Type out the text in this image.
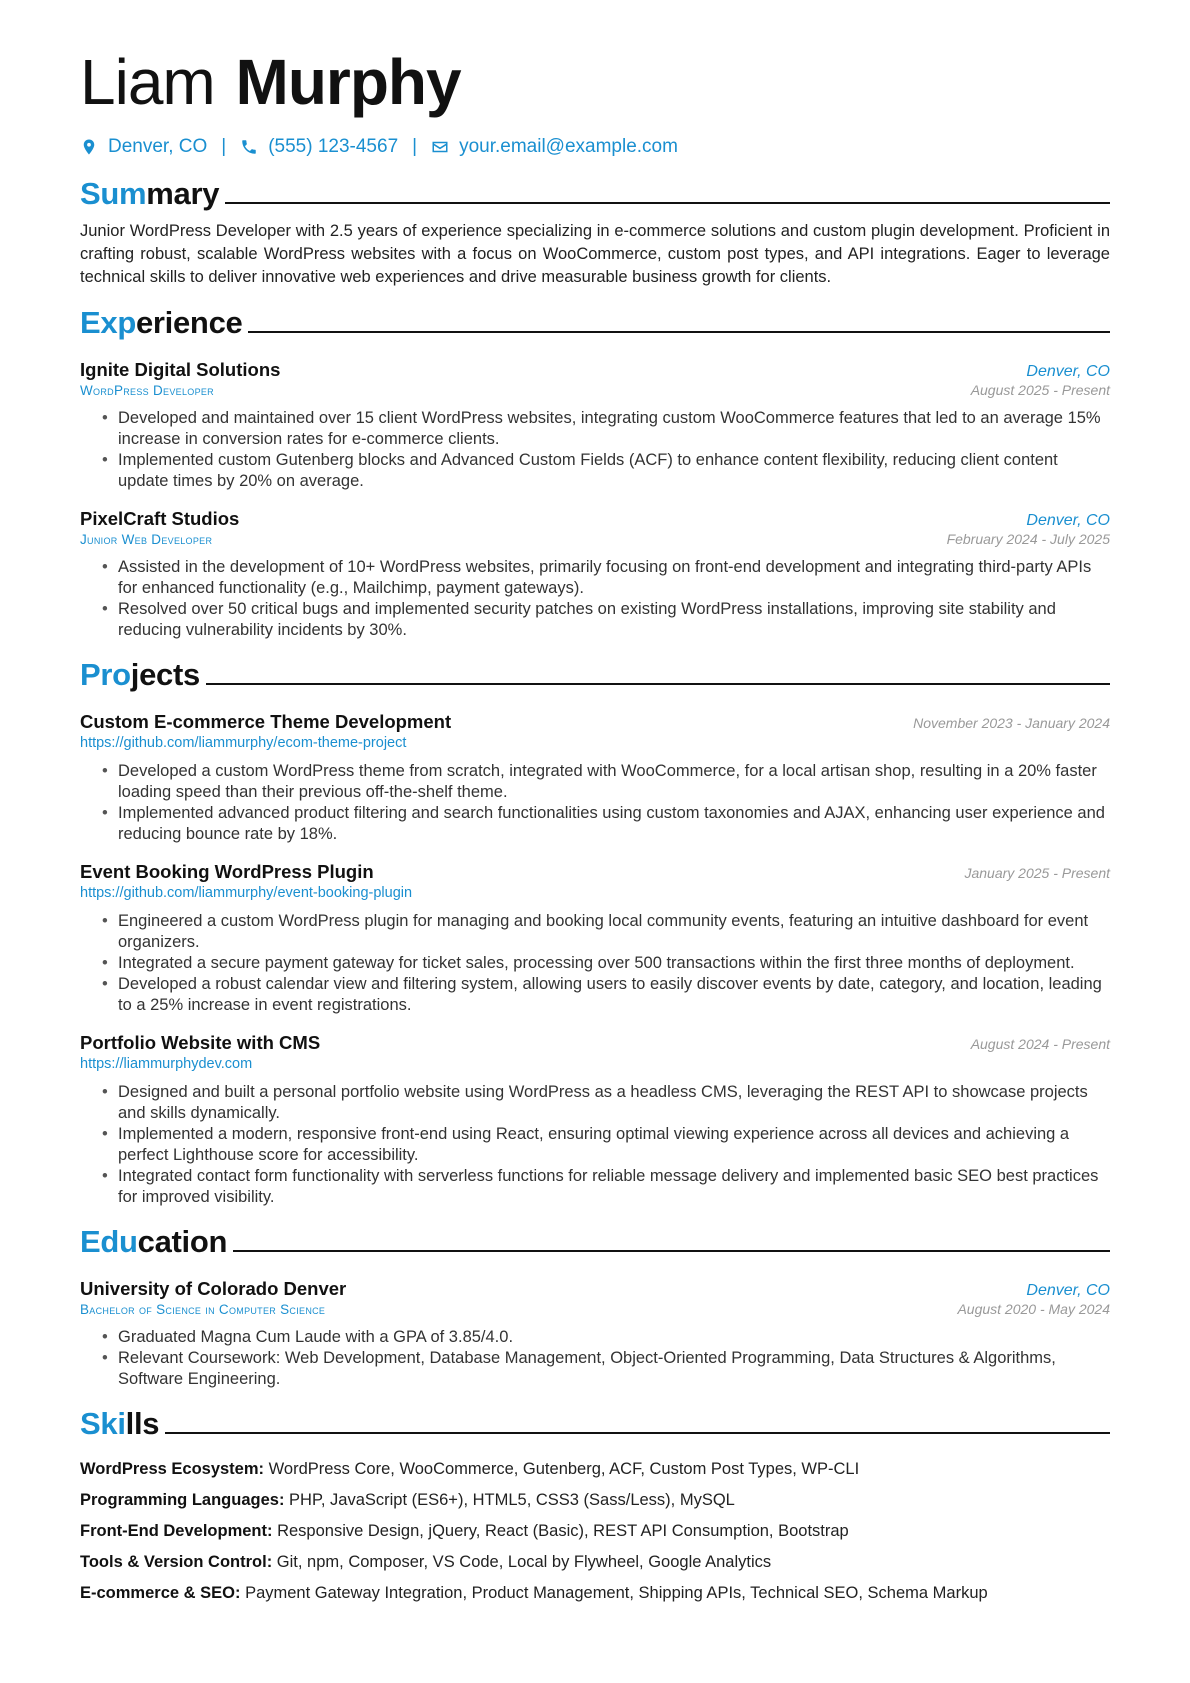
Liam Murphy
Denver, CO | (555) 123-4567 | your.email@example.com
Summary
Junior WordPress Developer with 2.5 years of experience specializing in e-commerce solutions and custom plugin development. Proficient in crafting robust, scalable WordPress websites with a focus on WooCommerce, custom post types, and API integrations. Eager to leverage technical skills to deliver innovative web experiences and drive measurable business growth for clients.
Experience
Ignite Digital Solutions	Denver, CO
WordPress Developer	August 2025 - Present
• Developed and maintained over 15 client WordPress websites, integrating custom WooCommerce features that led to an average 15% increase in conversion rates for e-commerce clients.
• Implemented custom Gutenberg blocks and Advanced Custom Fields (ACF) to enhance content flexibility, reducing client content update times by 20% on average.
PixelCraft Studios	Denver, CO
Junior Web Developer	February 2024 - July 2025
• Assisted in the development of 10+ WordPress websites, primarily focusing on front-end development and integrating third-party APIs for enhanced functionality (e.g., Mailchimp, payment gateways).
• Resolved over 50 critical bugs and implemented security patches on existing WordPress installations, improving site stability and reducing vulnerability incidents by 30%.
Projects
Custom E-commerce Theme Development	November 2023 - January 2024
https://github.com/liammurphy/ecom-theme-project
• Developed a custom WordPress theme from scratch, integrated with WooCommerce, for a local artisan shop, resulting in a 20% faster loading speed than their previous off-the-shelf theme.
• Implemented advanced product filtering and search functionalities using custom taxonomies and AJAX, enhancing user experience and reducing bounce rate by 18%.
Event Booking WordPress Plugin	January 2025 - Present
https://github.com/liammurphy/event-booking-plugin
• Engineered a custom WordPress plugin for managing and booking local community events, featuring an intuitive dashboard for event organizers.
• Integrated a secure payment gateway for ticket sales, processing over 500 transactions within the first three months of deployment.
• Developed a robust calendar view and filtering system, allowing users to easily discover events by date, category, and location, leading to a 25% increase in event registrations.
Portfolio Website with CMS	August 2024 - Present
https://liammurphydev.com
• Designed and built a personal portfolio website using WordPress as a headless CMS, leveraging the REST API to showcase projects and skills dynamically.
• Implemented a modern, responsive front-end using React, ensuring optimal viewing experience across all devices and achieving a perfect Lighthouse score for accessibility.
• Integrated contact form functionality with serverless functions for reliable message delivery and implemented basic SEO best practices for improved visibility.
Education
University of Colorado Denver	Denver, CO
Bachelor of Science in Computer Science	August 2020 - May 2024
• Graduated Magna Cum Laude with a GPA of 3.85/4.0.
• Relevant Coursework: Web Development, Database Management, Object-Oriented Programming, Data Structures & Algorithms, Software Engineering.
Skills
WordPress Ecosystem: WordPress Core, WooCommerce, Gutenberg, ACF, Custom Post Types, WP-CLI
Programming Languages: PHP, JavaScript (ES6+), HTML5, CSS3 (Sass/Less), MySQL
Front-End Development: Responsive Design, jQuery, React (Basic), REST API Consumption, Bootstrap
Tools & Version Control: Git, npm, Composer, VS Code, Local by Flywheel, Google Analytics
E-commerce & SEO: Payment Gateway Integration, Product Management, Shipping APIs, Technical SEO, Schema Markup
